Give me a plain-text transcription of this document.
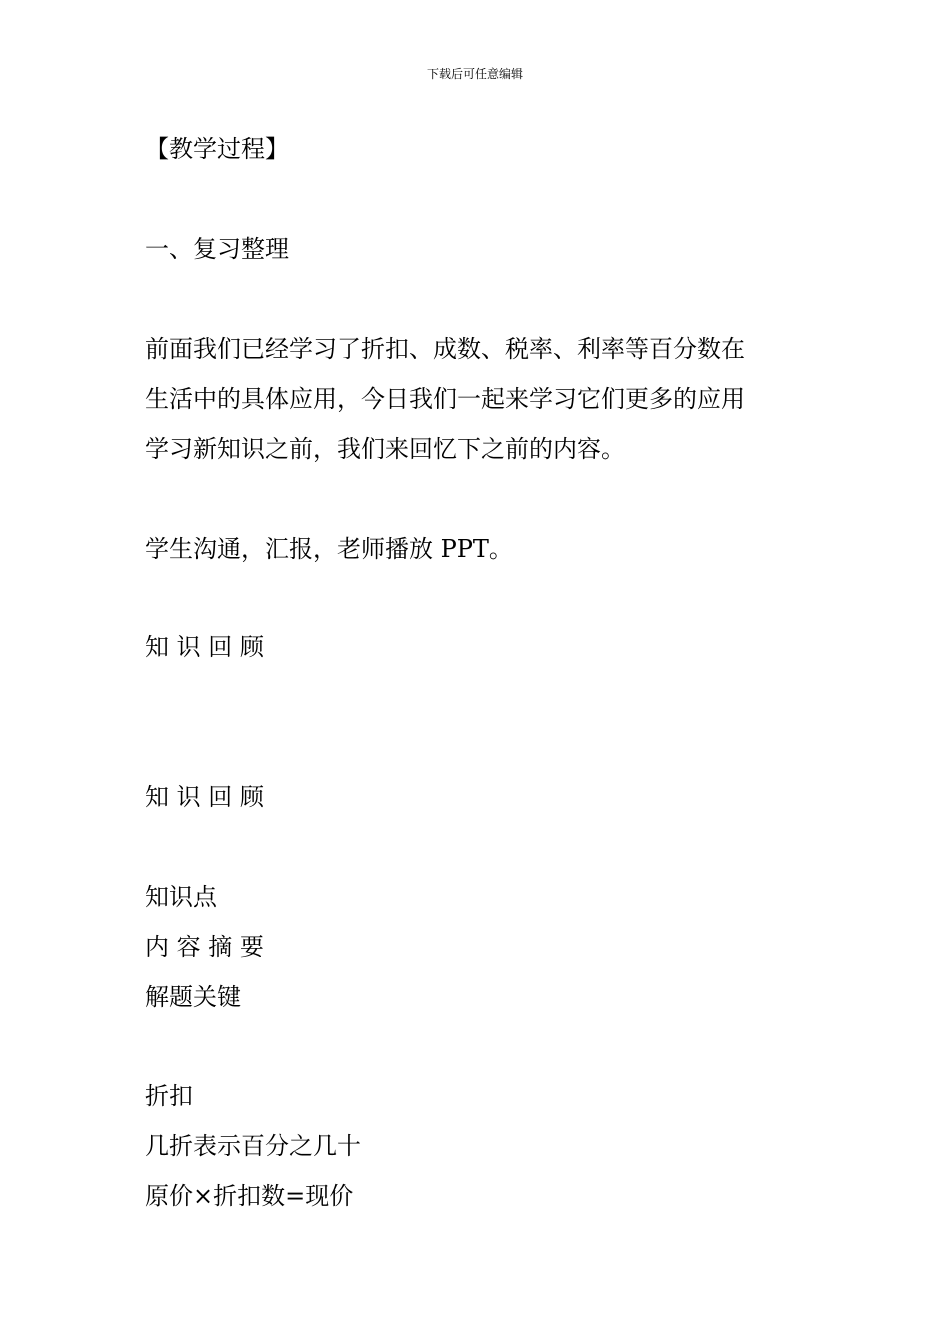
下载后可任意编辑
【教学过程】
一、复习整理
前面我们已经学习了折扣、成数、税率、利率等百分数在
生活中的具体应用，今日我们一起来学习它们更多的应用
学习新知识之前，我们来回忆下之前的内容。
学生沟通，汇报，老师播放 PPT。
知 识 回 顾
知 识 回 顾
知识点
内 容 摘 要
解题关键
折扣
几折表示百分之几十
原价×折扣数=现价
